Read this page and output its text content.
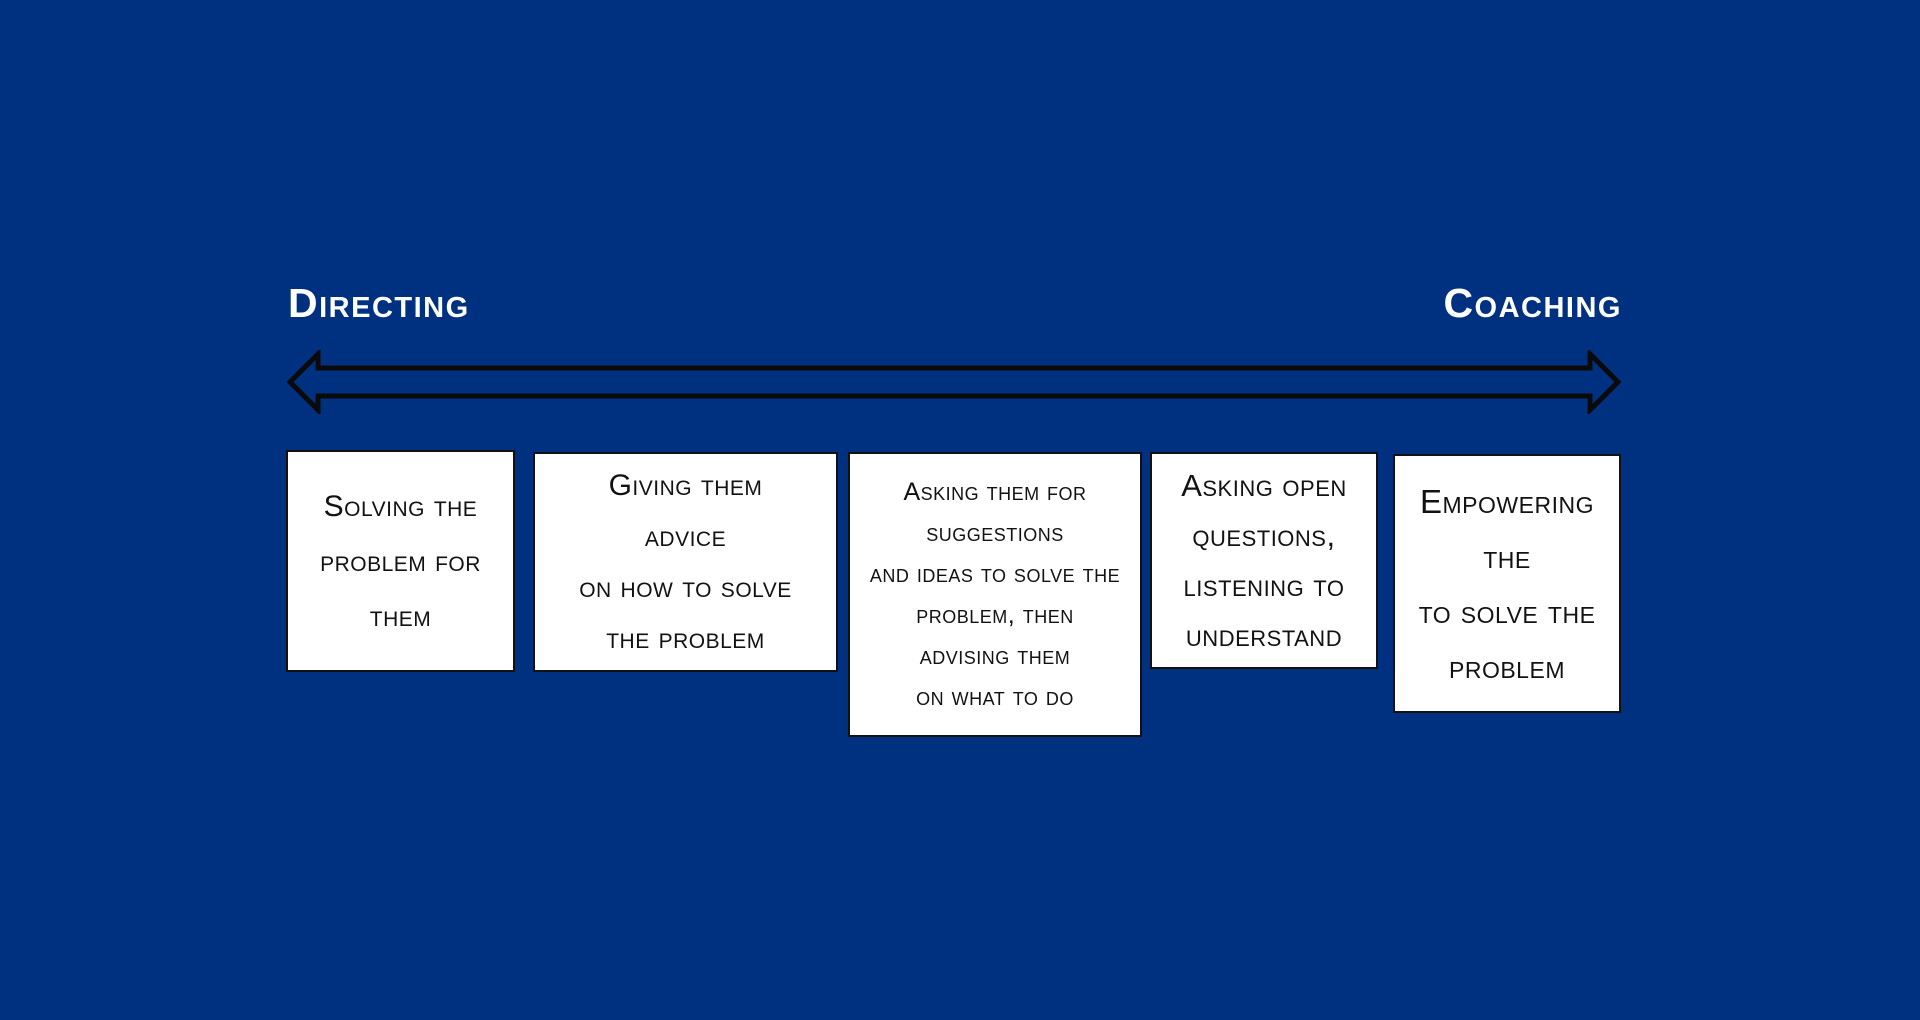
Directing	Coaching
Solving the
problem for
them
Giving them
advice
on how to solve
the problem
Asking them for
suggestions
and ideas to solve the
problem, then
advising them
on what to do
Asking open
questions,
listening to
understand
Empowering
the
to solve the
problem
